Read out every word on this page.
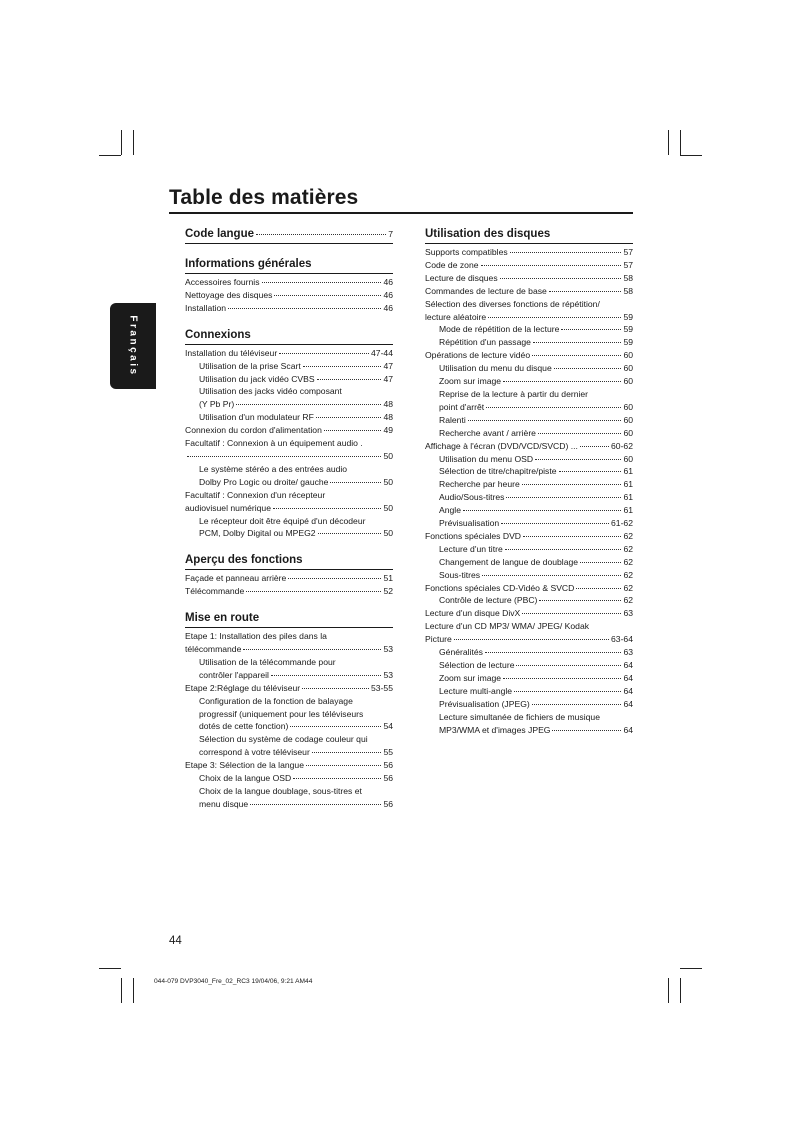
Table des matières
Français
Code langue	7
Informations générales
Accessoires fournis	46
Nettoyage des disques	46
Installation	46
Connexions
Installation du téléviseur	47-44
Utilisation de la prise Scart	47
Utilisation du jack vidéo CVBS	47
Utilisation des jacks vidéo composant
(Y Pb Pr)	48
Utilisation d'un modulateur RF	48
Connexion du cordon d'alimentation	49
Facultatif : Connexion à un équipement audio .
50
Le système stéréo a des entrées audio
Dolby Pro Logic ou droite/ gauche	50
Facultatif : Connexion d'un récepteur
audiovisuel numérique	50
Le récepteur doit être équipé d'un décodeur
PCM, Dolby Digital ou MPEG2	50
Aperçu des fonctions
Façade et panneau arrière	51
Télécommande	52
Mise en route
Etape 1: Installation des piles dans la
télécommande	53
Utilisation de la télécommande pour
contrôler l'appareil	53
Etape 2:Réglage du téléviseur	53-55
Configuration de la fonction de balayage
progressif (uniquement pour les téléviseurs
dotés de cette fonction)	54
Sélection du système de codage couleur qui
correspond à votre téléviseur	55
Etape 3: Sélection de la langue	56
Choix de la langue OSD	56
Choix de la langue doublage, sous-titres et
menu disque	56
Utilisation des disques
Supports compatibles	57
Code de zone	57
Lecture de disques	58
Commandes de lecture de base	58
Sélection des diverses fonctions de répétition/
lecture aléatoire	59
Mode de répétition de la lecture	59
Répétition d'un passage	59
Opérations de lecture vidéo	60
Utilisation du menu du disque	60
Zoom sur image	60
Reprise de la lecture à partir du dernier
point d'arrêt	60
Ralenti	60
Recherche avant / arrière	60
Affichage à l'écran (DVD/VCD/SVCD) ...	60-62
Utilisation du menu OSD	60
Sélection de titre/chapitre/piste	61
Recherche par heure	61
Audio/Sous-titres	61
Angle	61
Prévisualisation	61-62
Fonctions spéciales DVD	62
Lecture d'un titre	62
Changement de langue de doublage	62
Sous-titres	62
Fonctions spéciales CD-Vidéo & SVCD	62
Contrôle de lecture (PBC)	62
Lecture d'un disque DivX	63
Lecture d'un CD MP3/ WMA/ JPEG/ Kodak
Picture	63-64
Généralités	63
Sélection de lecture	64
Zoom sur image	64
Lecture multi-angle	64
Prévisualisation (JPEG)	64
Lecture simultanée de fichiers de musique
MP3/WMA et d'images JPEG	64
44
044-079 DVP3040_Fre_02_RC3 19/04/06, 9:21 AM44
